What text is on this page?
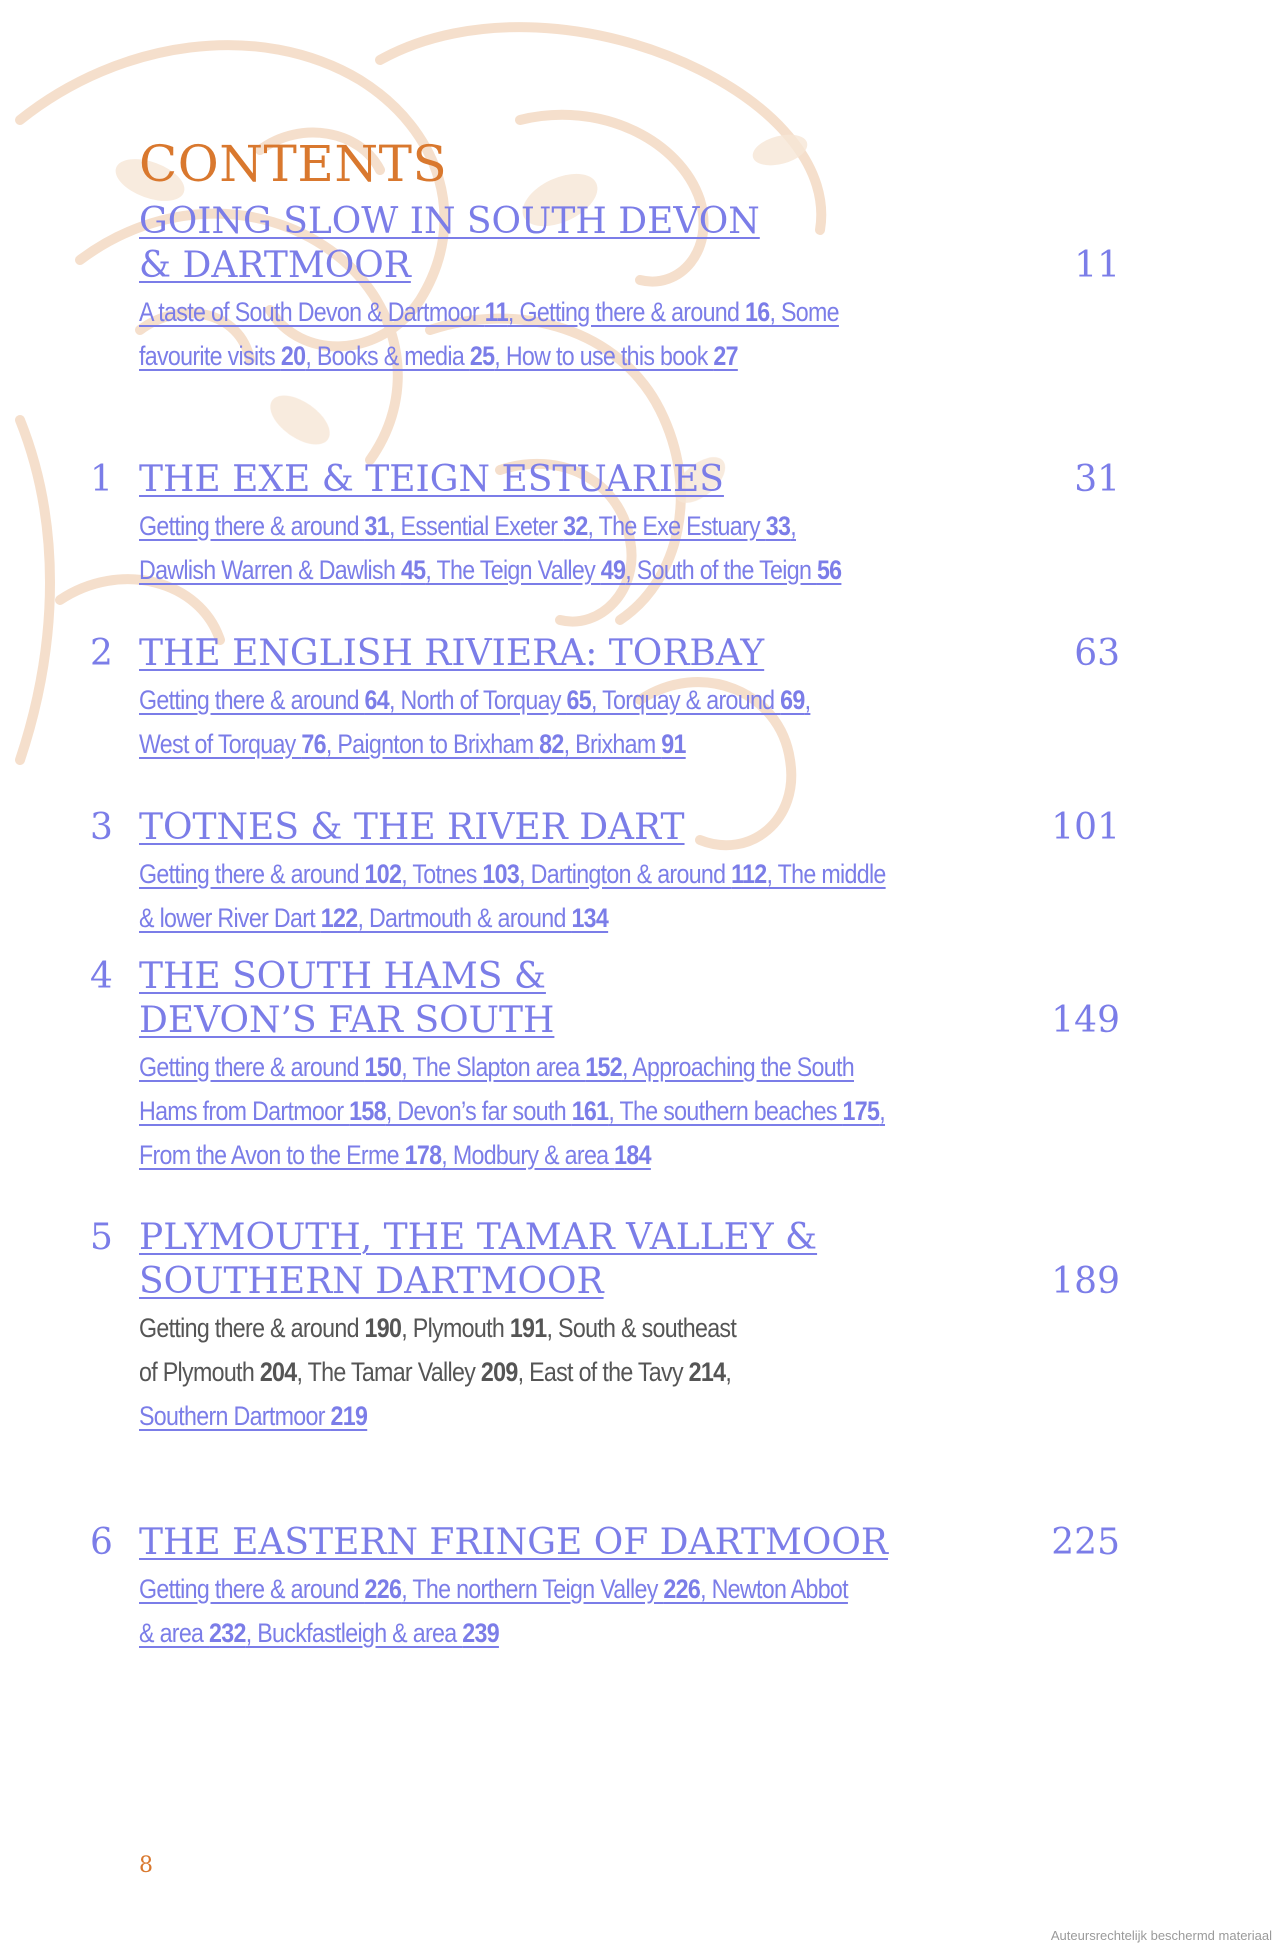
CONTENTS
GOING SLOW IN SOUTH DEVON
& DARTMOOR	11
A taste of South Devon & Dartmoor 11, Getting there & around 16, Some
favourite visits 20, Books & media 25, How to use this book 27
1 THE EXE & TEIGN ESTUARIES	31
Getting there & around 31, Essential Exeter 32, The Exe Estuary 33,
Dawlish Warren & Dawlish 45, The Teign Valley 49, South of the Teign 56
2 THE ENGLISH RIVIERA: TORBAY	63
Getting there & around 64, North of Torquay 65, Torquay & around 69,
West of Torquay 76, Paignton to Brixham 82, Brixham 91
3 TOTNES & THE RIVER DART	101
Getting there & around 102, Totnes 103, Dartington & around 112, The middle
& lower River Dart 122, Dartmouth & around 134
4 THE SOUTH HAMS &
DEVON’S FAR SOUTH	149
Getting there & around 150, The Slapton area 152, Approaching the South
Hams from Dartmoor 158, Devon’s far south 161, The southern beaches 175,
From the Avon to the Erme 178, Modbury & area 184
5 PLYMOUTH, THE TAMAR VALLEY &
SOUTHERN DARTMOOR	189
Getting there & around 190, Plymouth 191, South & southeast
of Plymouth 204, The Tamar Valley 209, East of the Tavy 214,
Southern Dartmoor 219
6 THE EASTERN FRINGE OF DARTMOOR	225
Getting there & around 226, The northern Teign Valley 226, Newton Abbot
& area 232, Buckfastleigh & area 239
8
Auteursrechtelijk beschermd materiaal
